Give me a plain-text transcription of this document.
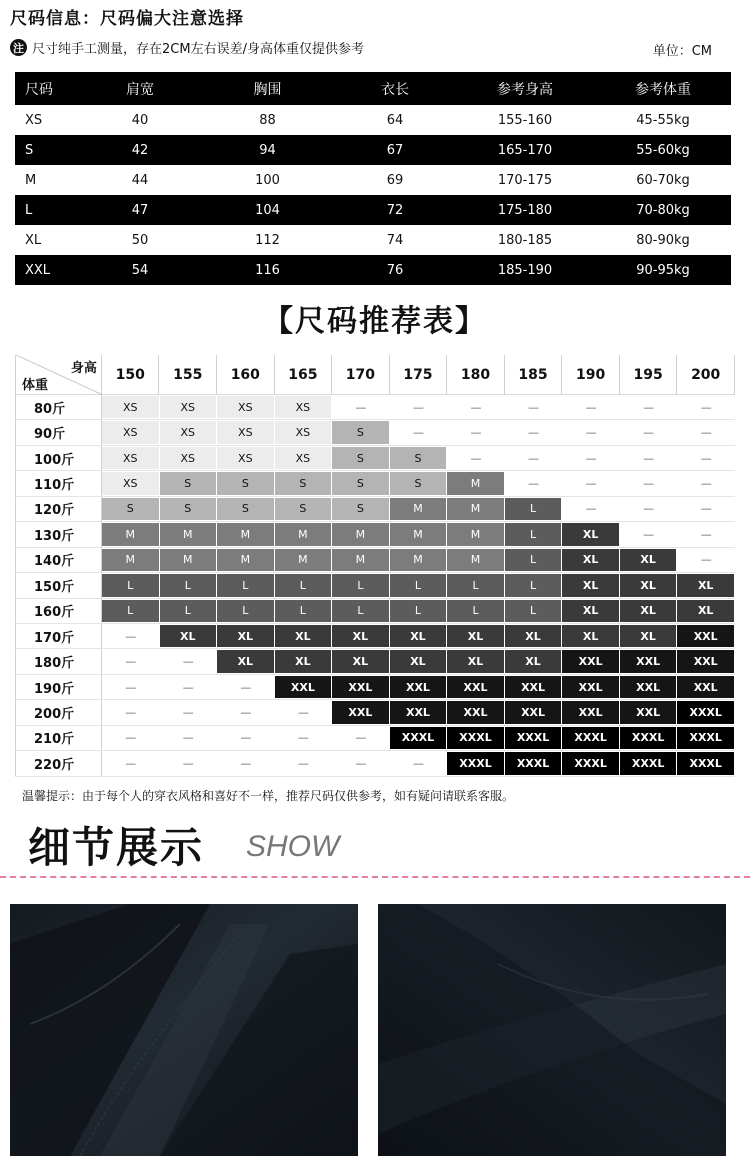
尺码信息：尺码偏大注意选择
注 尺寸纯手工测量，存在2CM左右误差/身高体重仅提供参考	单位：CM
尺码	肩宽	胸围	衣长	参考身高	参考体重
XS	40	88	64	155-160	45-55kg
S	42	94	67	165-170	55-60kg
M	44	100	69	170-175	60-70kg
L	47	104	72	175-180	70-80kg
XL	50	112	74	180-185	80-90kg
XXL	54	116	76	185-190	90-95kg
【尺码推荐表】
身高
体重
150	155	160	165	170	175	180	185	190	195	200
80斤	XS	XS	XS	XS	—	—	—	—	—	—	—
90斤	XS	XS	XS	XS	S	—	—	—	—	—	—
100斤	XS	XS	XS	XS	S	S	—	—	—	—	—
110斤	XS	S	S	S	S	S	M	—	—	—	—
120斤	S	S	S	S	S	M	M	L	—	—	—
130斤	M	M	M	M	M	M	M	L	XL	—	—
140斤	M	M	M	M	M	M	M	L	XL	XL	—
150斤	L	L	L	L	L	L	L	L	XL	XL	XL
160斤	L	L	L	L	L	L	L	L	XL	XL	XL
170斤	—	XL	XL	XL	XL	XL	XL	XL	XL	XL	XXL
180斤	—	—	XL	XL	XL	XL	XL	XL	XXL	XXL	XXL
190斤	—	—	—	XXL	XXL	XXL	XXL	XXL	XXL	XXL	XXL
200斤	—	—	—	—	XXL	XXL	XXL	XXL	XXL	XXL	XXXL
210斤	—	—	—	—	—	XXXL	XXXL	XXXL	XXXL	XXXL	XXXL
220斤	—	—	—	—	—	—	XXXL	XXXL	XXXL	XXXL	XXXL
温馨提示：由于每个人的穿衣风格和喜好不一样，推荐尺码仅供参考，如有疑问请联系客服。
细节展示 SHOW
